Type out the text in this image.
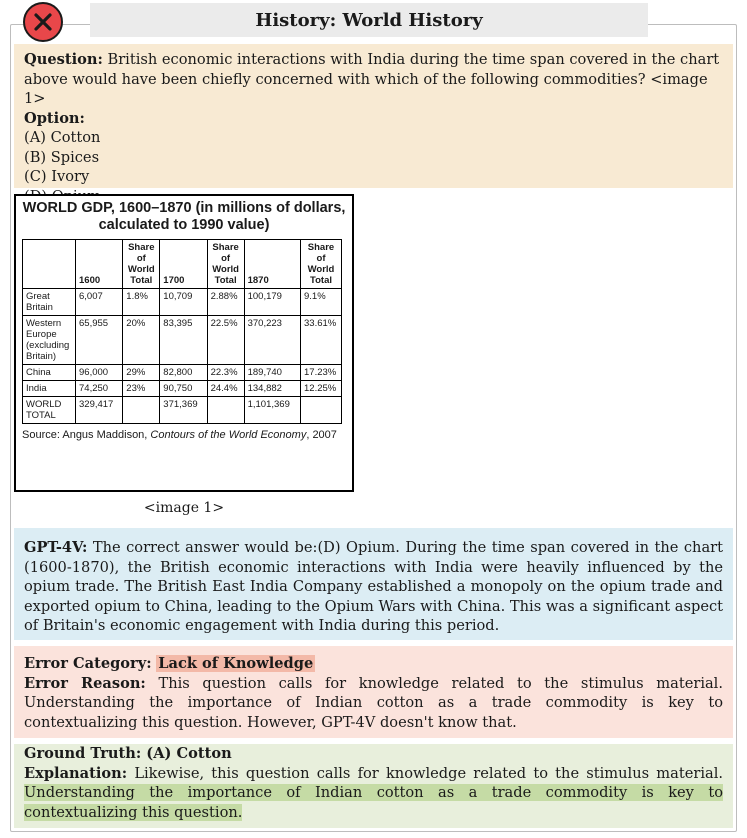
History: World History
Question: British economic interactions with India during the time span covered in the chart above would have been chiefly concerned with which of the following commodities? <image 1>
Option:
(A) Cotton
(B) Spices
(C) Ivory
WORLD GDP, 1600–1870 (in millions of dollars, calculated to 1990 value)
	1600	Share of World Total	1700	Share of World Total	1870	Share of World Total
Great Britain	6,007	1.8%	10,709	2.88%	100,179	9.1%
Western Europe (excluding Britain)	65,955	20%	83,395	22.5%	370,223	33.61%
China	96,000	29%	82,800	22.3%	189,740	17.23%
India	74,250	23%	90,750	24.4%	134,882	12.25%
WORLD TOTAL	329,417		371,369		1,101,369	
Source: Angus Maddison, Contours of the World Economy, 2007
<image 1>
GPT-4V: The correct answer would be:(D) Opium. During the time span covered in the chart (1600-1870), the British economic interactions with India were heavily influenced by the opium trade. The British East India Company established a monopoly on the opium trade and exported opium to China, leading to the Opium Wars with China. This was a significant aspect of Britain's economic engagement with India during this period.
Error Category: Lack of Knowledge
Error Reason: This question calls for knowledge related to the stimulus material. Understanding the importance of Indian cotton as a trade commodity is key to contextualizing this question. However, GPT-4V doesn't know that.
Ground Truth: (A) Cotton
Explanation: Likewise, this question calls for knowledge related to the stimulus material. Understanding the importance of Indian cotton as a trade commodity is key to contextualizing this question.
